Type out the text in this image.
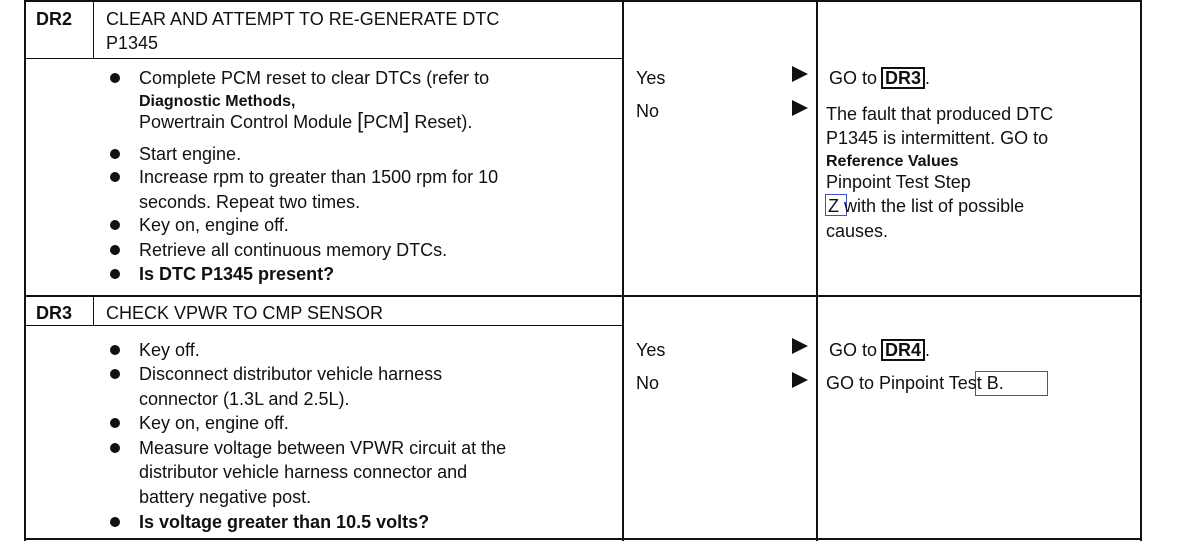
DR2 CLEAR AND ATTEMPT TO RE-GENERATE DTC
P1345
Complete PCM reset to clear DTCs (refer to
Diagnostic Methods,
Powertrain Control Module [PCM] Reset).
Start engine.
Increase rpm to greater than 1500 rpm for 10
seconds. Repeat two times.
Key on, engine off.
Retrieve all continuous memory DTCs.
Is DTC P1345 present?
Yes
No
GO to DR3 .
The fault that produced DTC
P1345 is intermittent. GO to
Reference Values
Pinpoint Test Step
Z with the list of possible
causes.
DR3 CHECK VPWR TO CMP SENSOR
Key off.
Disconnect distributor vehicle harness
connector (1.3L and 2.5L).
Key on, engine off.
Measure voltage between VPWR circuit at the
distributor vehicle harness connector and
battery negative post.
Is voltage greater than 10.5 volts?
Yes
No
GO to DR4 .
GO to Pinpoint Test B.
